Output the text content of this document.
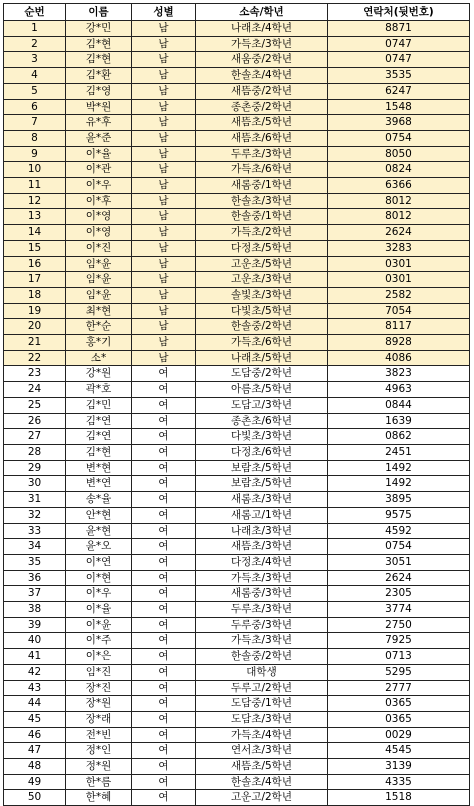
순번	이름	성별	소속/학년	연락처(뒷번호)
1	강*민	남	나래초/4학년	8871
2	김*현	남	가득초/3학년	0747
3	김*현	남	새움중/2학년	0747
4	김*환	남	한솔초/4학년	3535
5	김*영	남	새뜸중/2학년	6247
6	박*원	남	종촌중/2학년	1548
7	유*후	남	새뜸초/5학년	3968
8	윤*준	남	새뜸초/6학년	0754
9	이*율	남	두루초/3학년	8050
10	이*관	남	가득초/6학년	0824
11	이*우	남	새롬중/1학년	6366
12	이*후	남	한솔초/3학년	8012
13	이*영	남	한솔중/1학년	8012
14	이*영	남	가득초/2학년	2624
15	이*진	남	다정초/5학년	3283
16	임*윤	남	고운초/5학년	0301
17	임*윤	남	고운초/3학년	0301
18	임*윤	남	솔빛초/3학년	2582
19	최*현	남	다빛초/5학년	7054
20	한*순	남	한솔중/2학년	8117
21	홍*기	남	가득초/6학년	8928
22	소*	남	나래초/5학년	4086
23	강*원	여	도담중/2학년	3823
24	곽*호	여	아름초/5학년	4963
25	김*민	여	도담고/3학년	0844
26	김*연	여	종촌초/6학년	1639
27	김*연	여	다빛초/3학년	0862
28	김*현	여	다정초/6학년	2451
29	변*현	여	보람초/5학년	1492
30	변*연	여	보람초/5학년	1492
31	송*율	여	새롬초/3학년	3895
32	안*현	여	새롬고/1학년	9575
33	윤*현	여	나래초/3학년	4592
34	윤*오	여	새뜸초/3학년	0754
35	이*연	여	다정초/4학년	3051
36	이*현	여	가득초/3학년	2624
37	이*우	여	새롬중/3학년	2305
38	이*율	여	두루초/3학년	3774
39	이*윤	여	두루중/3학년	2750
40	이*주	여	가득초/3학년	7925
41	이*은	여	한솔중/2학년	0713
42	임*진	여	대학생	5295
43	장*진	여	두루고/2학년	2777
44	장*원	여	도담중/1학년	0365
45	장*래	여	도담초/3학년	0365
46	전*빈	여	가득초/4학년	0029
47	정*인	여	연서초/3학년	4545
48	정*원	여	새뜸초/5학년	3139
49	한*름	여	한솔초/4학년	4335
50	한*혜	여	고운고/2학년	1518
